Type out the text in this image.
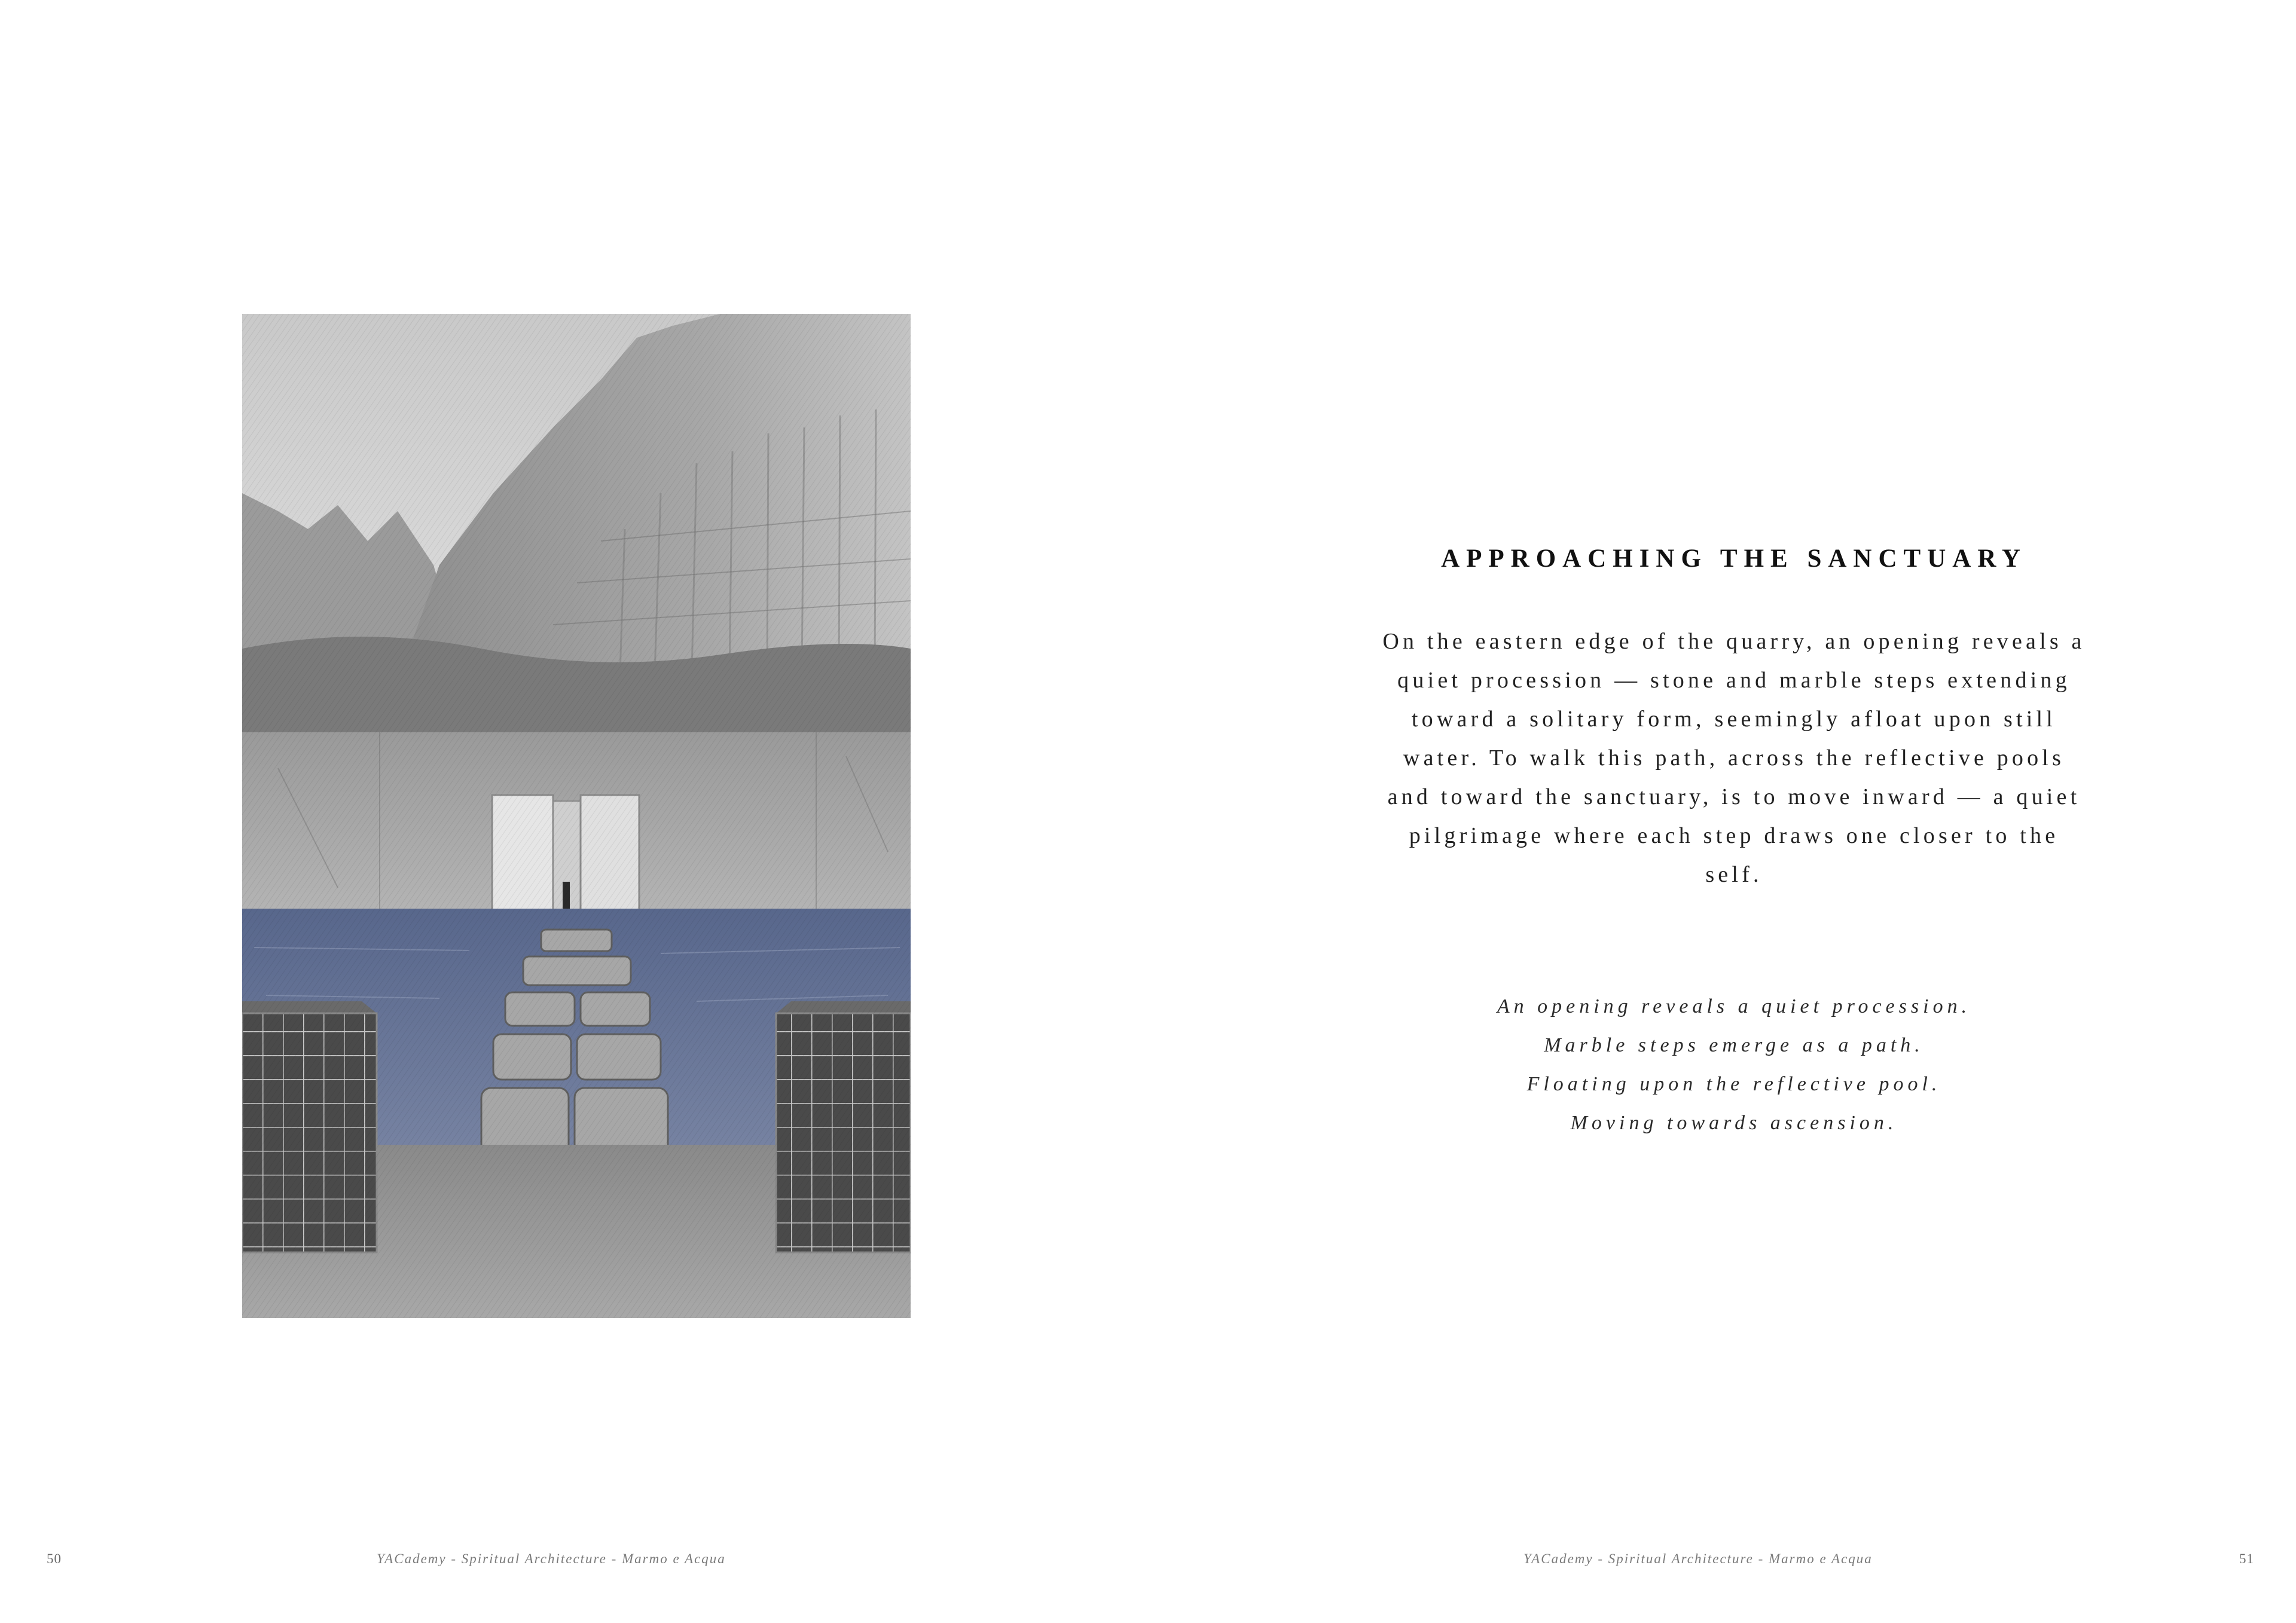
50	YACademy - Spiritual Architecture - Marmo e Acqua
APPROACHING THE SANCTUARY

On the eastern edge of the quarry, an opening reveals a quiet procession — stone and marble steps extending toward a solitary form, seemingly afloat upon still water. To walk this path, across the reflective pools and toward the sanctuary, is to move inward — a quiet pilgrimage where each step draws one closer to the self.

An opening reveals a quiet procession.
Marble steps emerge as a path.
Floating upon the reflective pool.
Moving towards ascension.
YACademy - Spiritual Architecture - Marmo e Acqua	51
